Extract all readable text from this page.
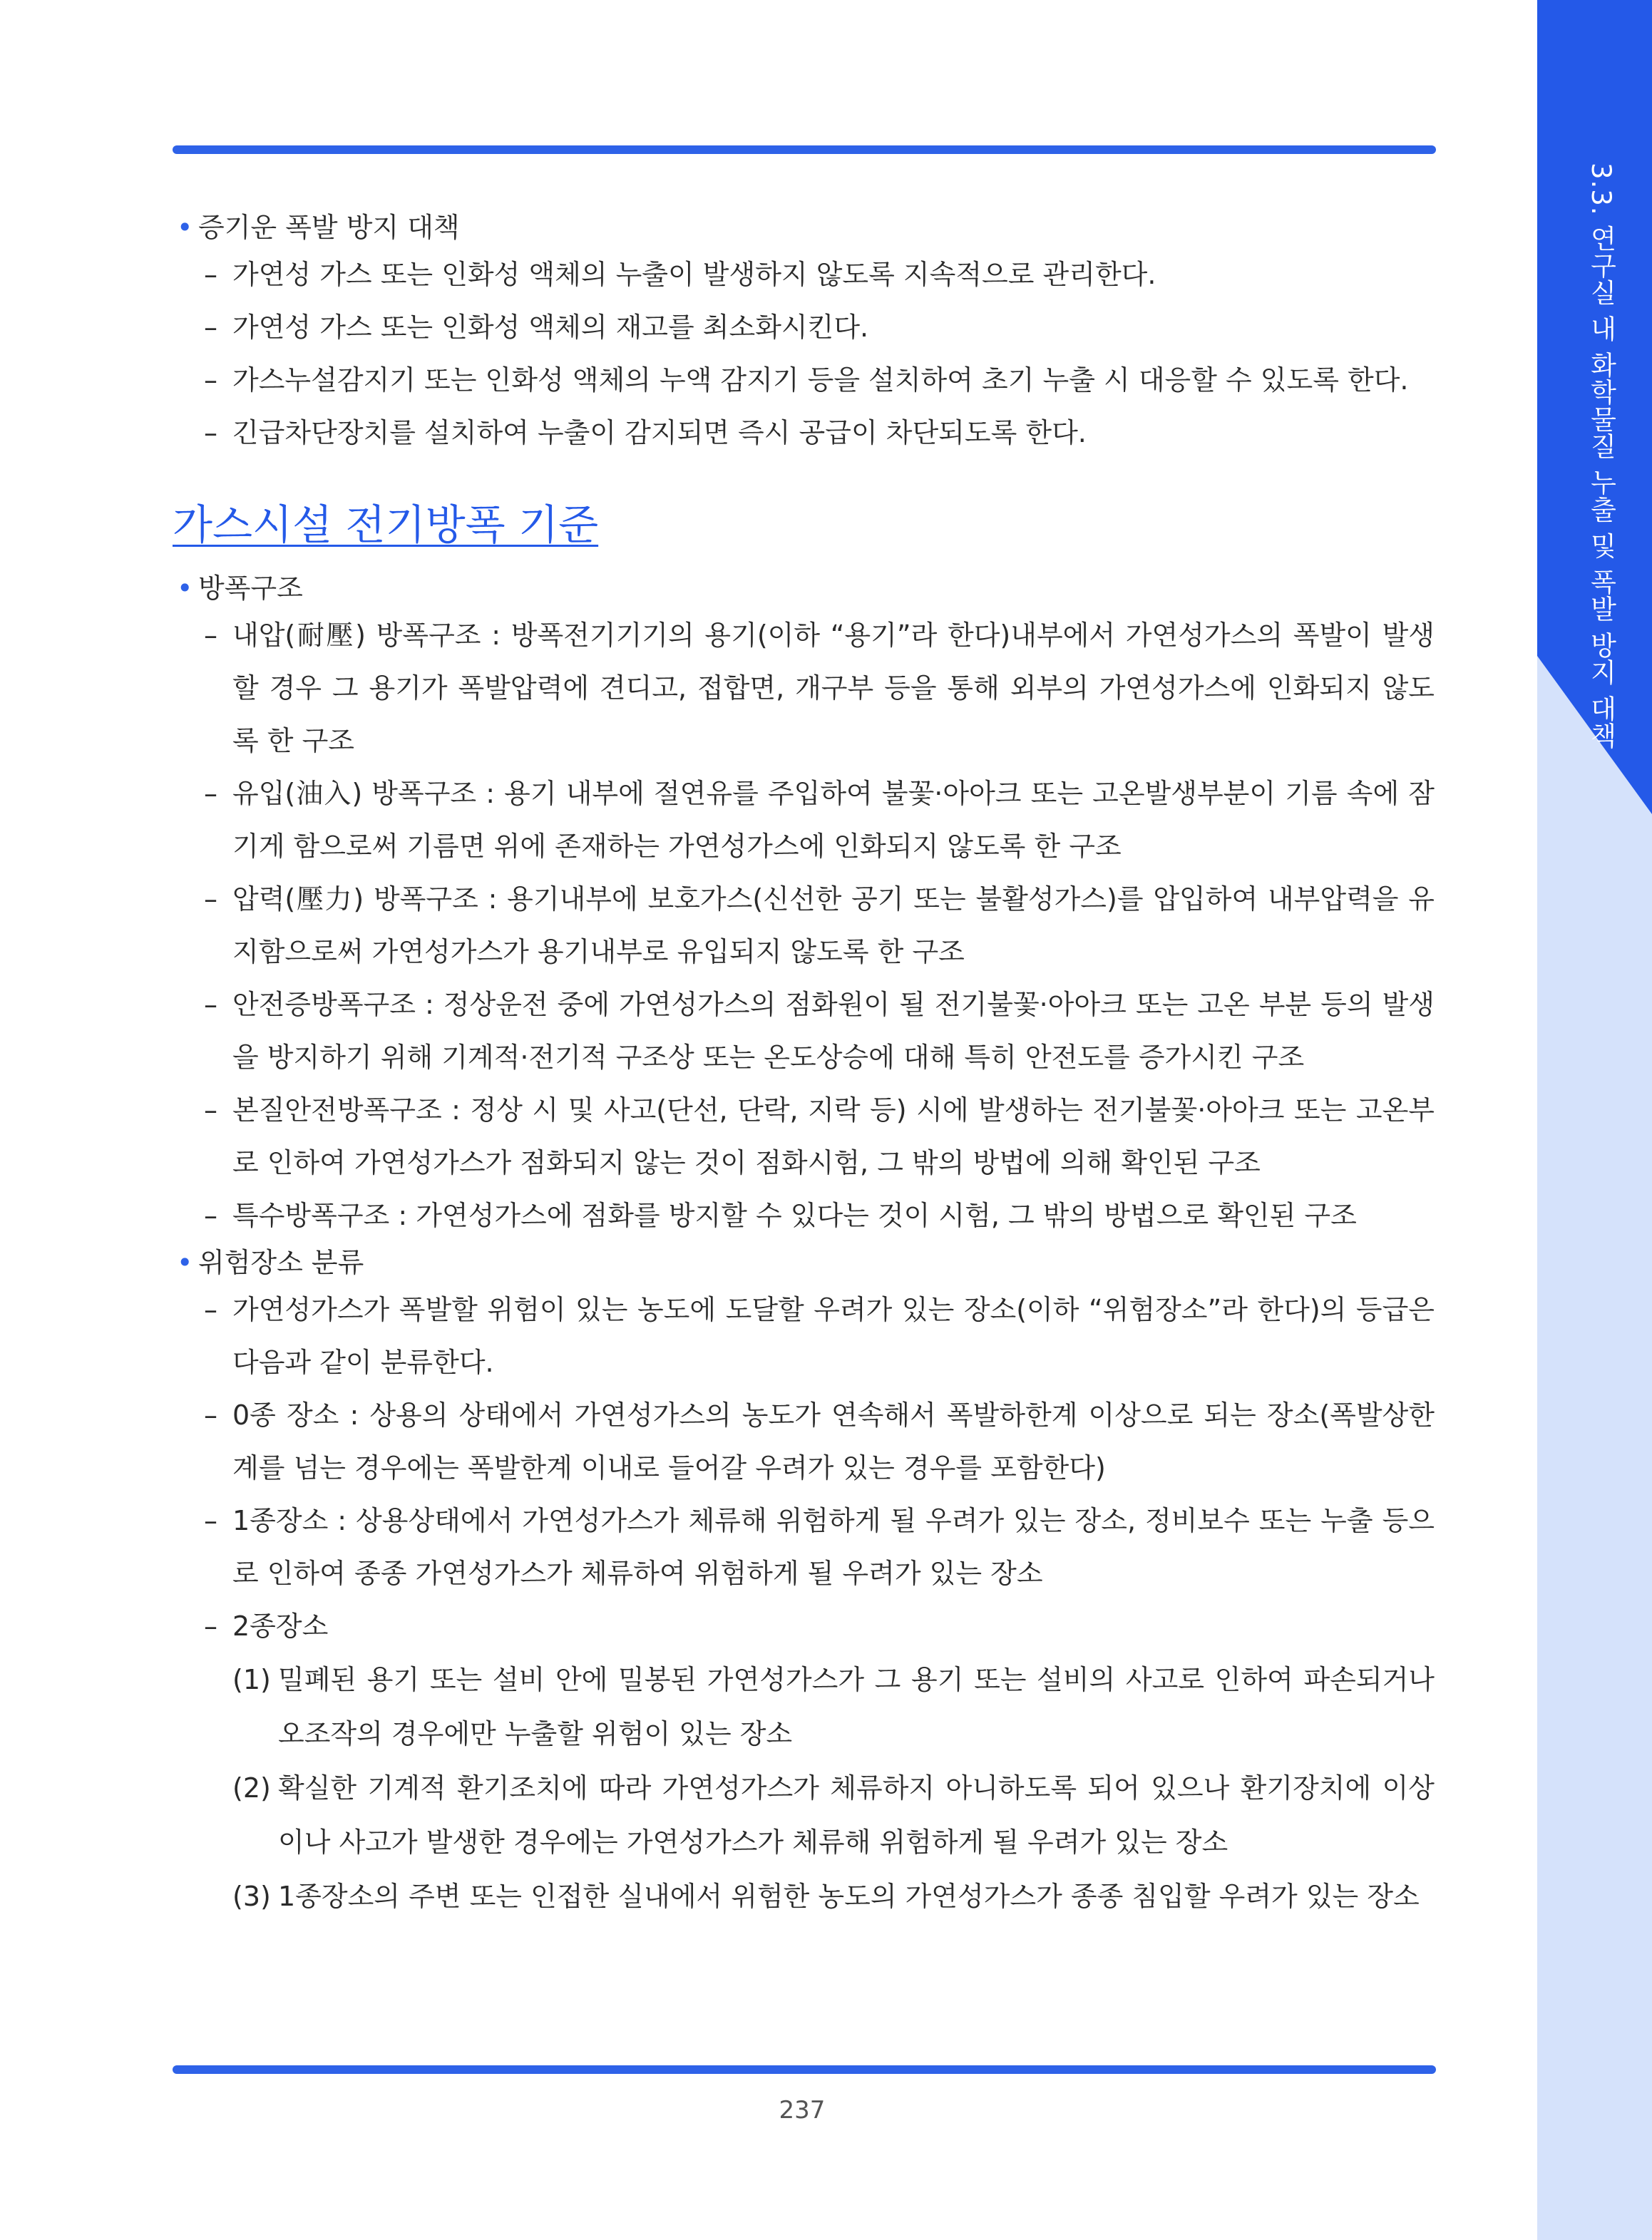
3.3. 연구실 내 화학물질 누출 및 폭발 방지 대책

• 증기운 폭발 방지 대책

– 가연성 가스 또는 인화성 액체의 누출이 발생하지 않도록 지속적으로 관리한다.

– 가연성 가스 또는 인화성 액체의 재고를 최소화시킨다.

– 가스누설감지기 또는 인화성 액체의 누액 감지기 등을 설치하여 초기 누출 시 대응할 수 있도록 한다.

– 긴급차단장치를 설치하여 누출이 감지되면 즉시 공급이 차단되도록 한다.

가스시설 전기방폭 기준

• 방폭구조

– 내압(耐壓) 방폭구조 : 방폭전기기기의 용기(이하 “용기”라 한다)내부에서 가연성가스의 폭발이 발생할 경우 그 용기가 폭발압력에 견디고, 접합면, 개구부 등을 통해 외부의 가연성가스에 인화되지 않도록 한 구조

– 유입(油入) 방폭구조 : 용기 내부에 절연유를 주입하여 불꽃·아아크 또는 고온발생부분이 기름 속에 잠기게 함으로써 기름면 위에 존재하는 가연성가스에 인화되지 않도록 한 구조

– 압력(壓力) 방폭구조 : 용기내부에 보호가스(신선한 공기 또는 불활성가스)를 압입하여 내부압력을 유지함으로써 가연성가스가 용기내부로 유입되지 않도록 한 구조

– 안전증방폭구조 : 정상운전 중에 가연성가스의 점화원이 될 전기불꽃·아아크 또는 고온 부분 등의 발생을 방지하기 위해 기계적·전기적 구조상 또는 온도상승에 대해 특히 안전도를 증가시킨 구조

– 본질안전방폭구조 : 정상 시 및 사고(단선, 단락, 지락 등) 시에 발생하는 전기불꽃·아아크 또는 고온부로 인하여 가연성가스가 점화되지 않는 것이 점화시험, 그 밖의 방법에 의해 확인된 구조

– 특수방폭구조 : 가연성가스에 점화를 방지할 수 있다는 것이 시험, 그 밖의 방법으로 확인된 구조

• 위험장소 분류

– 가연성가스가 폭발할 위험이 있는 농도에 도달할 우려가 있는 장소(이하 “위험장소”라 한다)의 등급은 다음과 같이 분류한다.

– 0종 장소 : 상용의 상태에서 가연성가스의 농도가 연속해서 폭발하한계 이상으로 되는 장소(폭발상한계를 넘는 경우에는 폭발한계 이내로 들어갈 우려가 있는 경우를 포함한다)

– 1종장소 : 상용상태에서 가연성가스가 체류해 위험하게 될 우려가 있는 장소, 정비보수 또는 누출 등으로 인하여 종종 가연성가스가 체류하여 위험하게 될 우려가 있는 장소

– 2종장소

(1) 밀폐된 용기 또는 설비 안에 밀봉된 가연성가스가 그 용기 또는 설비의 사고로 인하여 파손되거나 오조작의 경우에만 누출할 위험이 있는 장소

(2) 확실한 기계적 환기조치에 따라 가연성가스가 체류하지 아니하도록 되어 있으나 환기장치에 이상이나 사고가 발생한 경우에는 가연성가스가 체류해 위험하게 될 우려가 있는 장소

(3) 1종장소의 주변 또는 인접한 실내에서 위험한 농도의 가연성가스가 종종 침입할 우려가 있는 장소

237
